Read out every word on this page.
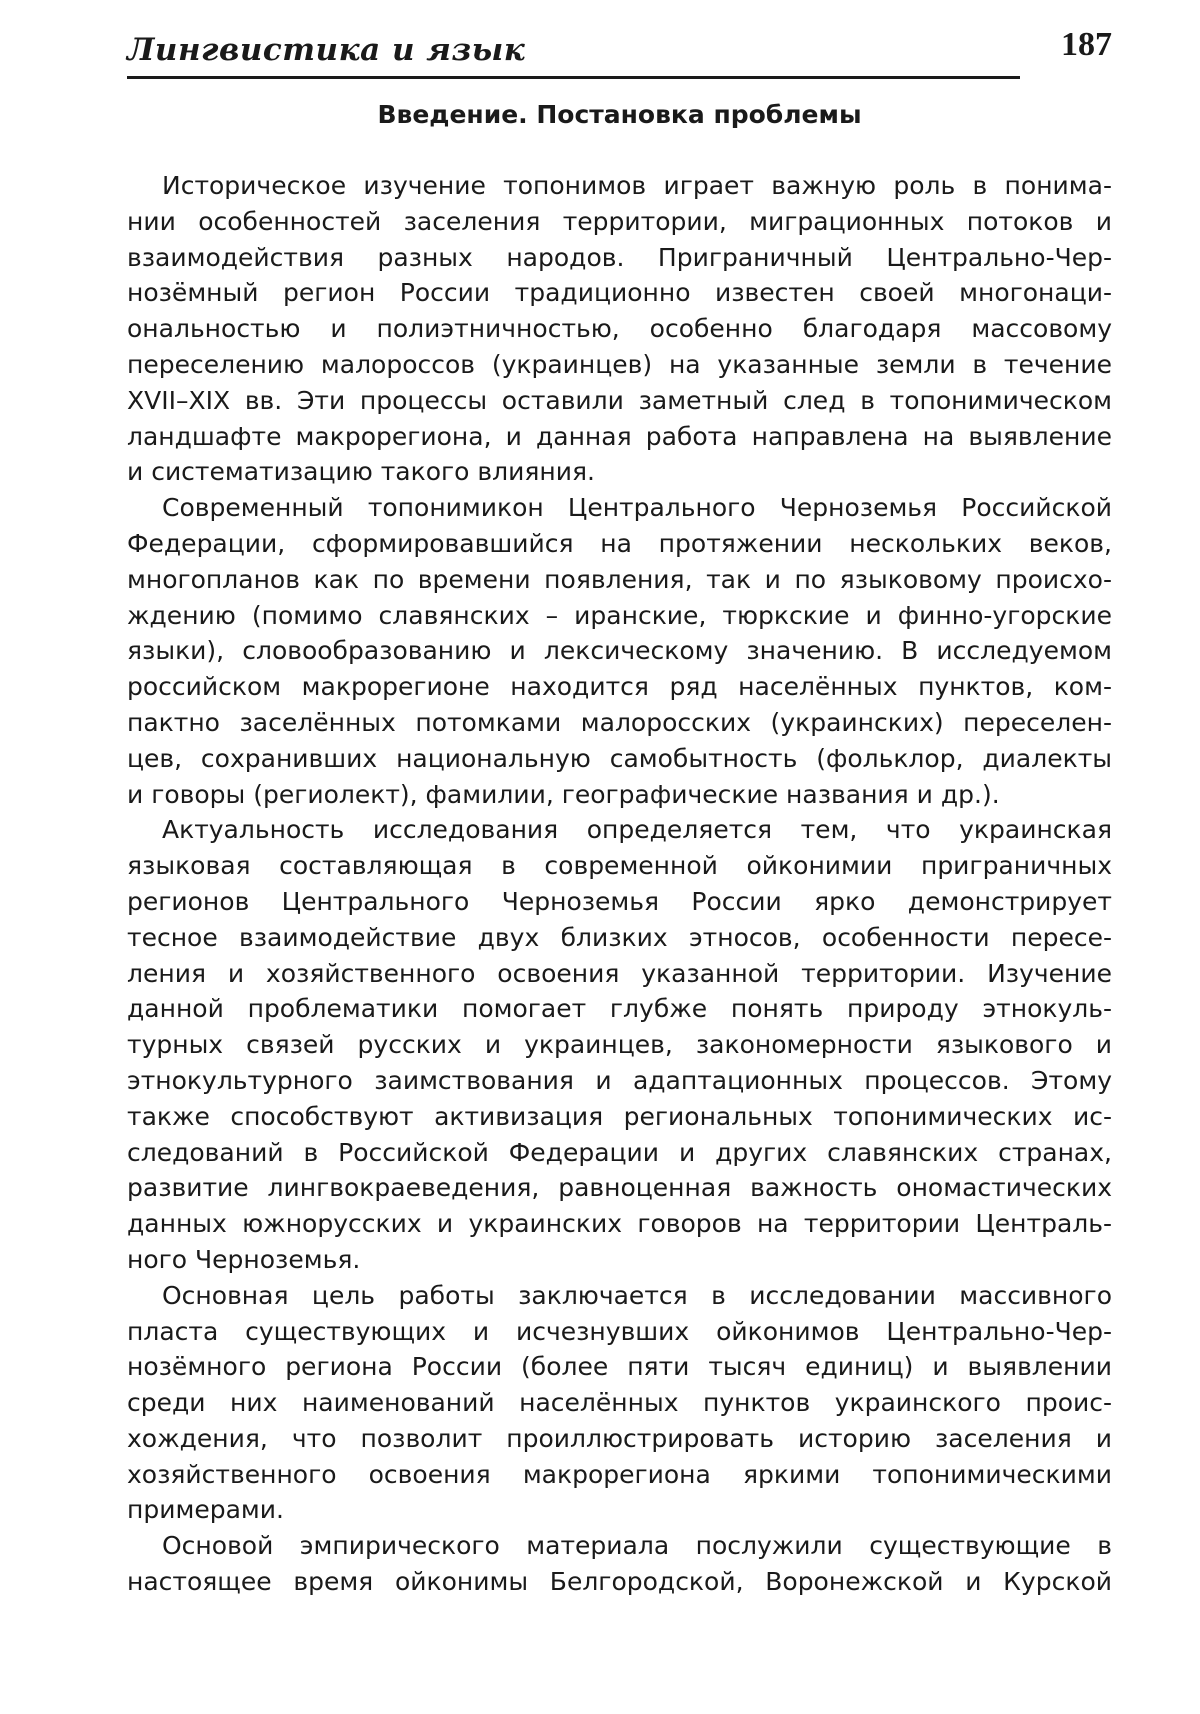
Лингвистика и язык	187
Введение. Постановка проблемы
Историческое изучение топонимов играет важную роль в понима-
нии особенностей заселения территории, миграционных потоков и
взаимодействия разных народов. Приграничный Центрально-Чер-
нозёмный регион России традиционно известен своей многонаци-
ональностью и полиэтничностью, особенно благодаря массовому
переселению малороссов (украинцев) на указанные земли в течение
XVII–XIX вв. Эти процессы оставили заметный след в топонимическом
ландшафте макрорегиона, и данная работа направлена на выявление
и систематизацию такого влияния.
Современный топонимикон Центрального Черноземья Российской
Федерации, сформировавшийся на протяжении нескольких веков,
многопланов как по времени появления, так и по языковому происхо-
ждению (помимо славянских – иранские, тюркские и финно-угорские
языки), словообразованию и лексическому значению. В исследуемом
российском макрорегионе находится ряд населённых пунктов, ком-
пактно заселённых потомками малоросских (украинских) переселен-
цев, сохранивших национальную самобытность (фольклор, диалекты
и говоры (региолект), фамилии, географические названия и др.).
Актуальность исследования определяется тем, что украинская
языковая составляющая в современной ойконимии приграничных
регионов Центрального Черноземья России ярко демонстрирует
тесное взаимодействие двух близких этносов, особенности пересе-
ления и хозяйственного освоения указанной территории. Изучение
данной проблематики помогает глубже понять природу этнокуль-
турных связей русских и украинцев, закономерности языкового и
этнокультурного заимствования и адаптационных процессов. Этому
также способствуют активизация региональных топонимических ис-
следований в Российской Федерации и других славянских странах,
развитие лингвокраеведения, равноценная важность ономастических
данных южнорусских и украинских говоров на территории Централь-
ного Черноземья.
Основная цель работы заключается в исследовании массивного
пласта существующих и исчезнувших ойконимов Центрально-Чер-
нозёмного региона России (более пяти тысяч единиц) и выявлении
среди них наименований населённых пунктов украинского проис-
хождения, что позволит проиллюстрировать историю заселения и
хозяйственного освоения макрорегиона яркими топонимическими
примерами.
Основой эмпирического материала послужили существующие в
настоящее время ойконимы Белгородской, Воронежской и Курской
